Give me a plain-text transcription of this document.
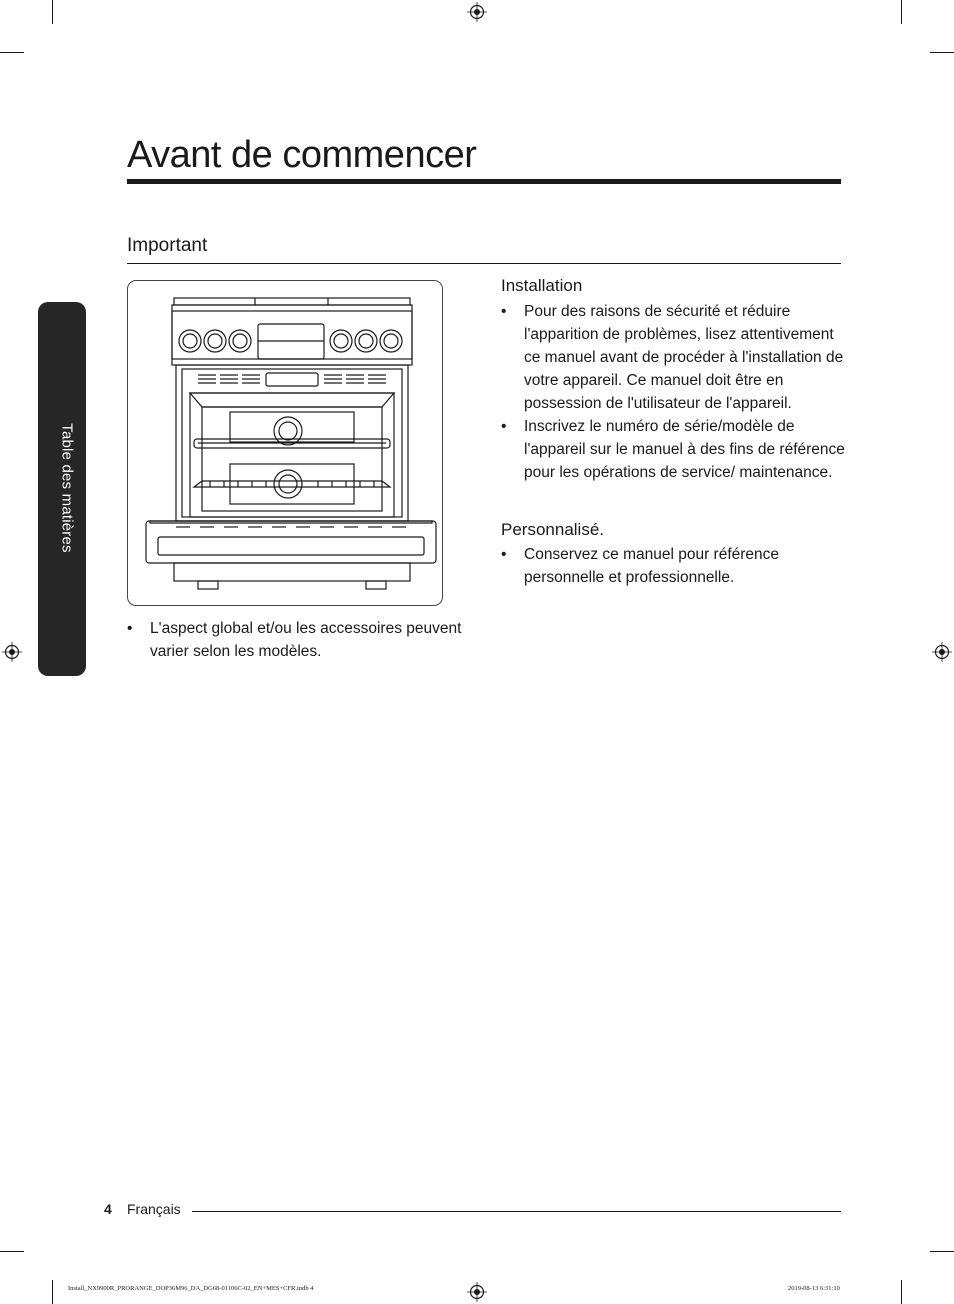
Table des matières
Avant de commencer
Important
• L'aspect global et/ou les accessoires peuvent varier selon les modèles.
Installation
• Pour des raisons de sécurité et réduire l'apparition de problèmes, lisez attentivement ce manuel avant de procéder à l'installation de votre appareil. Ce manuel doit être en possession de l'utilisateur de l'appareil.
• Inscrivez le numéro de série/modèle de l'appareil sur le manuel à des fins de référence pour les opérations de service/ maintenance.
Personnalisé.
• Conservez ce manuel pour référence personnelle et professionnelle.
4 Français
Install_NX9900R_PRORANGE_DOP36M96_DA_DG68-01106C-02_EN+MES+CFR.indb 4	2019-08-13 6:31:10
